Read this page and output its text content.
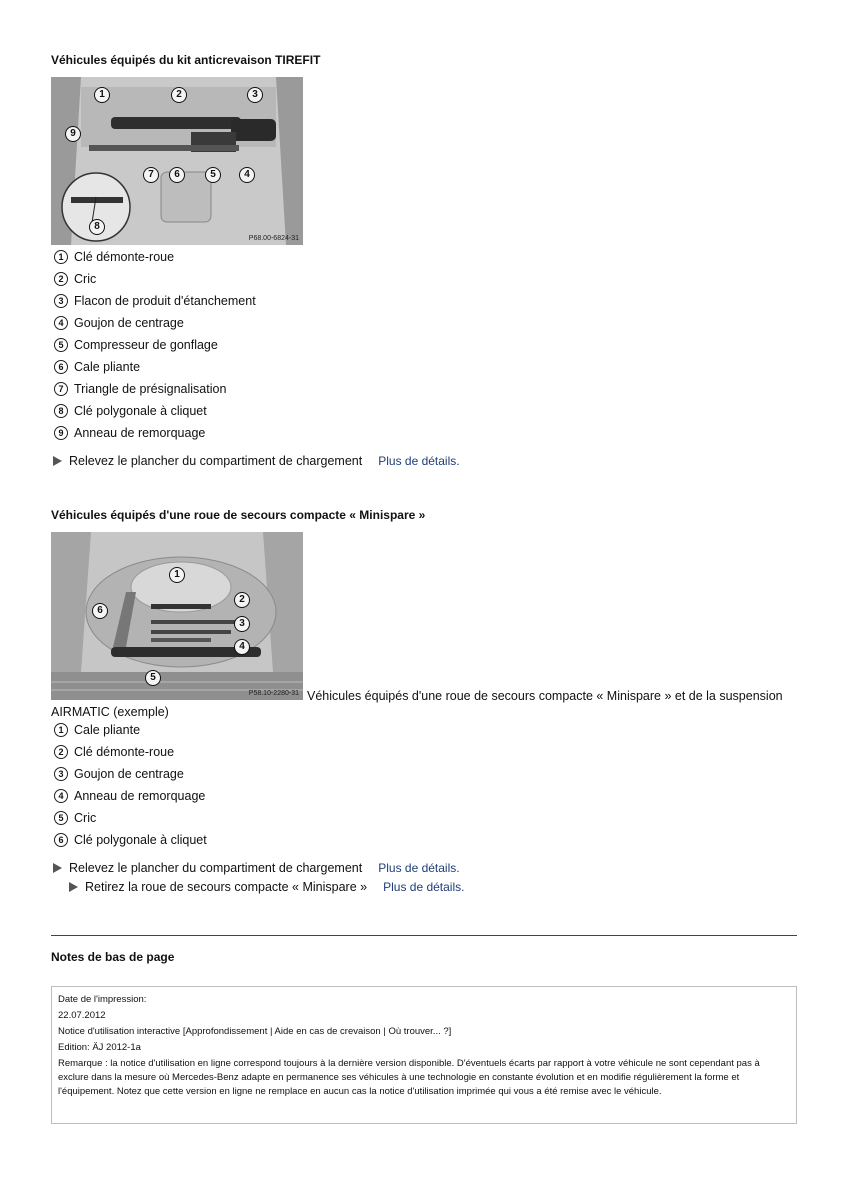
Véhicules équipés du kit anticrevaison TIREFIT
1	2	3
9
7	6	5	4
8
P68.00-6824-31
1 Clé démonte-roue
2 Cric
3 Flacon de produit d'étanchement
4 Goujon de centrage
5 Compresseur de gonflage
6 Cale pliante
7 Triangle de présignalisation
8 Clé polygonale à cliquet
9 Anneau de remorquage
Relevez le plancher du compartiment de chargement Plus de détails.
Véhicules équipés d'une roue de secours compacte « Minispare »
1
2
3
4
5
6
P58.10-2280-31 Véhicules équipés d'une roue de secours compacte « Minispare » et de la suspension
AIRMATIC (exemple)
1 Cale pliante
2 Clé démonte-roue
3 Goujon de centrage
4 Anneau de remorquage
5 Cric
6 Clé polygonale à cliquet
Relevez le plancher du compartiment de chargement Plus de détails.
Retirez la roue de secours compacte « Minispare » Plus de détails.
Notes de bas de page
Date de l'impression:
22.07.2012
Notice d'utilisation interactive [Approfondissement | Aide en cas de crevaison | Où trouver... ?]
Edition: ÄJ 2012-1a
Remarque : la notice d'utilisation en ligne correspond toujours à la dernière version disponible. D'éventuels écarts par rapport à votre véhicule ne sont cependant pas à exclure dans la mesure où Mercedes-Benz adapte en permanence ses véhicules à une technologie en constante évolution et en modifie régulièrement la forme et l'équipement. Notez que cette version en ligne ne remplace en aucun cas la notice d'utilisation imprimée qui vous a été remise avec le véhicule.
